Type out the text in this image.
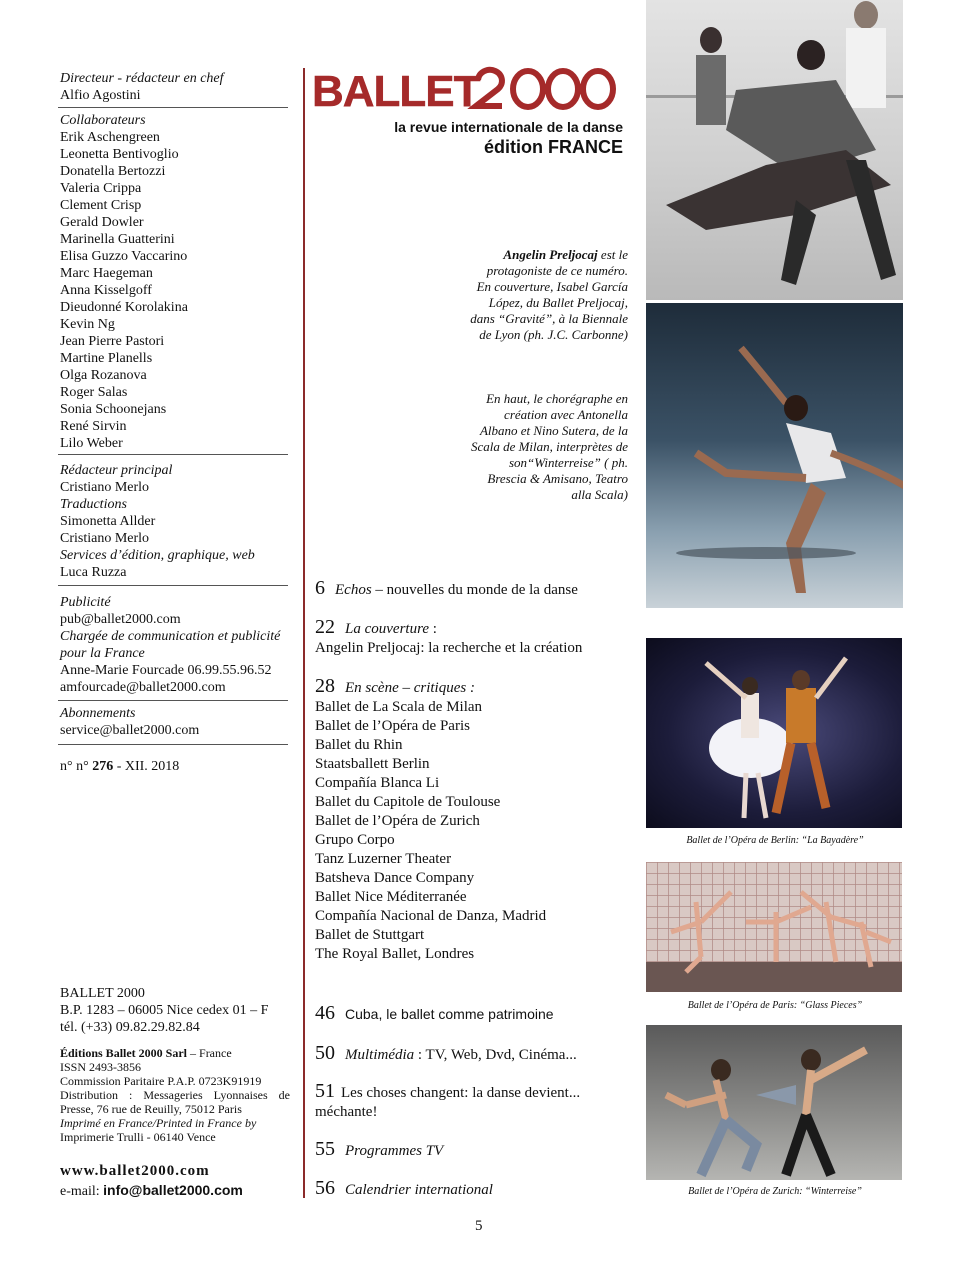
Directeur - rédacteur en chef
Alfio Agostini
Collaborateurs
Erik Aschengreen
Leonetta Bentivoglio
Donatella Bertozzi
Valeria Crippa
Clement Crisp
Gerald Dowler
Marinella Guatterini
Elisa Guzzo Vaccarino
Marc Haegeman
Anna Kisselgoff
Dieudonné Korolakina
Kevin Ng
Jean Pierre Pastori
Martine Planells
Olga Rozanova
Roger Salas
Sonia Schoonejans
René Sirvin
Lilo Weber
Rédacteur principal
Cristiano Merlo
Traductions
Simonetta Allder
Cristiano Merlo
Services d’édition, graphique, web
Luca Ruzza
Publicité
pub@ballet2000.com
Chargée de communication et publicité pour la France
Anne-Marie Fourcade 06.99.55.96.52
amfourcade@ballet2000.com
Abonnements
service@ballet2000.com
n° n° 276 - XII. 2018
BALLET 2000
B.P. 1283 – 06005 Nice cedex 01 – F
tél. (+33) 09.82.29.82.84
Éditions Ballet 2000 Sarl – France
ISSN 2493-3856
Commission Paritaire P.A.P. 0723K91919
Distribution : Messageries Lyonnaises de Presse, 76 rue de Reuilly, 75012 Paris
Imprimé en France/Printed in France by
Imprimerie Trulli - 06140 Vence
www.ballet2000.com
e-mail: info@ballet2000.com
BALLET
la revue internationale de la danse
édition FRANCE
Angelin Preljocaj est le protagoniste de ce numéro. En couverture, Isabel García López, du Ballet Preljocaj, dans “Gravité”, à la Biennale de Lyon (ph. J.C. Carbonne)
En haut, le chorégraphe en création avec Antonella Albano et Nino Sutera, de la Scala de Milan, interprètes de son“Winterreise” ( ph. Brescia & Amisano, Teatro alla Scala)
Ballet de l’Opéra de Berlin: “La Bayadère”
Ballet de l’Opéra de Paris: “Glass Pieces”
Ballet de l’Opéra de Zurich: “Winterreise”
6 Echos – nouvelles du monde de la danse
22 La couverture :
Angelin Preljocaj: la recherche et la création
28 En scène – critiques :
Ballet de La Scala de Milan
Ballet de l’Opéra de Paris
Ballet du Rhin
Staatsballett Berlin
Compañía Blanca Li
Ballet du Capitole de Toulouse
Ballet de l’Opéra de Zurich
Grupo Corpo
Tanz Luzerner Theater
Batsheva Dance Company
Ballet Nice Méditerranée
Compañía Nacional de Danza, Madrid
Ballet de Stuttgart
The Royal Ballet, Londres
46 Cuba, le ballet comme patrimoine
50 Multimédia : TV, Web, Dvd, Cinéma...
51 Les choses changent: la danse devient...
méchante!
55 Programmes TV
56 Calendrier international
5
